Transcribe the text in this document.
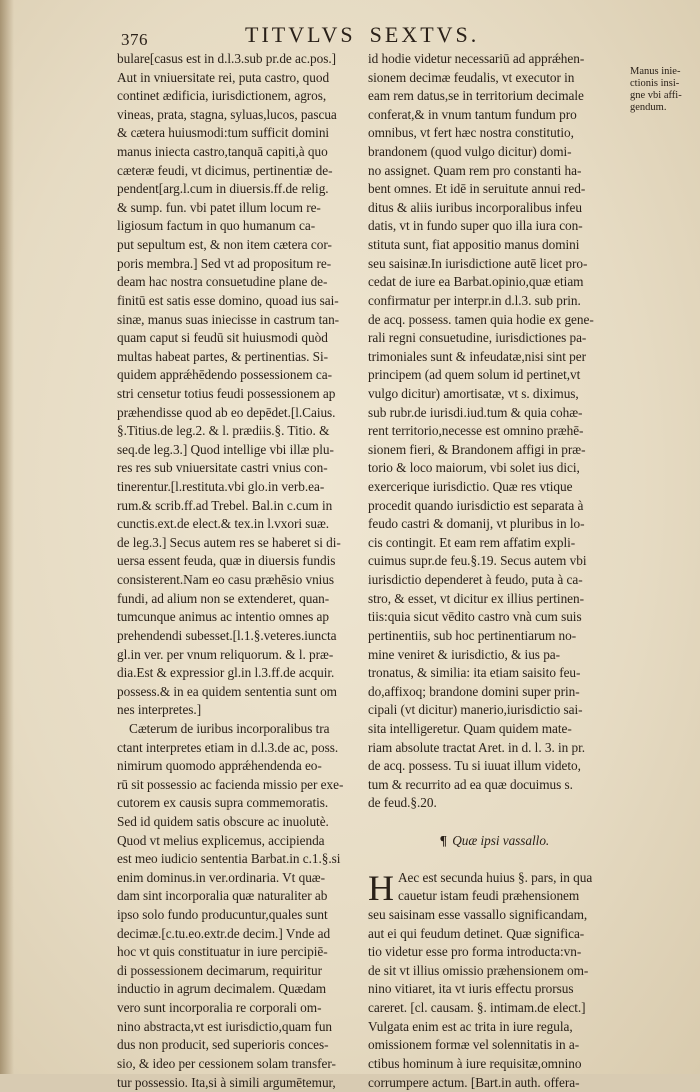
376	TITVLVS SEXTVS.
bulare[casus est in d.l.3.sub pr.de ac.pos.]
Aut in vniuersitate rei, puta castro, quod
continet ædificia, iurisdictionem, agros,
vineas, prata, stagna, syluas,lucos, pascua
& cætera huiusmodi:tum sufficit domini
manus iniecta castro,tanquā capiti,à quo
cæteræ feudi, vt dicimus, pertinentiæ de-
pendent[arg.l.cum in diuersis.ff.de relig.
& sump. fun. vbi patet illum locum re-
ligiosum factum in quo humanum ca-
put sepultum est, & non item cætera cor-
poris membra.] Sed vt ad propositum re-
deam hac nostra consuetudine plane de-
finitū est satis esse domino, quoad ius sai-
sinæ, manus suas iniecisse in castrum tan-
quam caput si feudū sit huiusmodi quòd
multas habeat partes, & pertinentias. Si-
quidem apprǽhēdendo possessionem ca-
stri censetur totius feudi possessionem ap
præhendisse quod ab eo depēdet.[l.Caius.
§.Titius.de leg.2. & l. prædiis.§. Titio. &
seq.de leg.3.] Quod intellige vbi illæ plu-
res res sub vniuersitate castri vnius con-
tinerentur.[l.restituta.vbi glo.in verb.ea-
rum.& scrib.ff.ad Trebel. Bal.in c.cum in
cunctis.ext.de elect.& tex.in l.vxori suæ.
de leg.3.] Secus autem res se haberet si di-
uersa essent feuda, quæ in diuersis fundis
consisterent.Nam eo casu præhēsio vnius
fundi, ad alium non se extenderet, quan-
tumcunque animus ac intentio omnes ap
prehendendi subesset.[l.1.§.veteres.iuncta
gl.in ver. per vnum reliquorum. & l. præ-
dia.Est & expressior gl.in l.3.ff.de acquir.
possess.& in ea quidem sententia sunt om
nes interpretes.]
Cæterum de iuribus incorporalibus tra
ctant interpretes etiam in d.l.3.de ac, poss.
nimirum quomodo apprǽhendenda eo-
rū sit possessio ac facienda missio per exe-
cutorem ex causis supra commemoratis.
Sed id quidem satis obscure ac inuolutè.
Quod vt melius explicemus, accipienda
est meo iudicio sententia Barbat.in c.1.§.si
enim dominus.in ver.ordinaria. Vt quæ-
dam sint incorporalia quæ naturaliter ab
ipso solo fundo producuntur,quales sunt
decimæ.[c.tu.eo.extr.de decim.] Vnde ad
hoc vt quis constituatur in iure percipiē-
di possessionem decimarum, requiritur
inductio in agrum decimalem. Quædam
vero sunt incorporalia re corporali om-
nino abstracta,vt est iurisdictio,quam fun
dus non producit, sed superioris conces-
sio, & ideo per cessionem solam transfer-
tur possessio. Ita,si à simili argumētemur,
id hodie videtur necessariū ad apprǽhen-
sionem decimæ feudalis, vt executor in
eam rem datus,se in territorium decimale
conferat,& in vnum tantum fundum pro
omnibus, vt fert hæc nostra constitutio,
brandonem (quod vulgo dicitur) domi-
no assignet. Quam rem pro constanti ha-
bent omnes. Et idē in seruitute annui red-
ditus & aliis iuribus incorporalibus infeu
datis, vt in fundo super quo illa iura con-
stituta sunt, fiat appositio manus domini
seu saisinæ.In iurisdictione autē licet pro-
cedat de iure ea Barbat.opinio,quæ etiam
confirmatur per interpr.in d.l.3. sub prin.
de acq. possess. tamen quia hodie ex gene-
rali regni consuetudine, iurisdictiones pa-
trimoniales sunt & infeudatæ,nisi sint per
principem (ad quem solum id pertinet,vt
vulgo dicitur) amortisatæ, vt s. diximus,
sub rubr.de iurisdi.iud.tum & quia cohæ-
rent territorio,necesse est omnino præhē-
sionem fieri, & Brandonem affigi in præ-
torio & loco maiorum, vbi solet ius dici,
exercerique iurisdictio. Quæ res vtique
procedit quando iurisdictio est separata à
feudo castri & domanij, vt pluribus in lo-
cis contingit. Et eam rem affatim expli-
cuimus supr.de feu.§.19. Secus autem vbi
iurisdictio dependeret à feudo, puta à ca-
stro, & esset, vt dicitur ex illius pertinen-
tiis:quia sicut vēdito castro vnà cum suis
pertinentiis, sub hoc pertinentiarum no-
mine veniret & iurisdictio, & ius pa-
tronatus, & similia: ita etiam saisito feu-
do,affixoq; brandone domini super prin-
cipali (vt dicitur) manerio,iurisdictio sai-
sita intelligeretur. Quam quidem mate-
riam absolute tractat Aret. in d. l. 3. in pr.
de acq. possess. Tu si iuuat illum videto,
tum & recurrito ad ea quæ docuimus s.
de feud.§.20.
¶ Quæ ipsi vassallo.
H Aec est secunda huius §. pars, in qua
cauetur istam feudi præhensionem
seu saisinam esse vassallo significandam,
aut ei qui feudum detinet. Quæ significa-
tio videtur esse pro forma introducta:vn-
de sit vt illius omissio præhensionem om-
nino vitiaret, ita vt iuris effectu prorsus
careret. [cl. causam. §. intimam.de elect.]
Vulgata enim est ac trita in iure regula,
omissionem formæ vel solennitatis in a-
ctibus hominum à iure requisitæ,omnino
corrumpere actum. [Bart.in auth. offera-
Manus inie-
ctionis insi-
gne vbi affi-
gendum.
